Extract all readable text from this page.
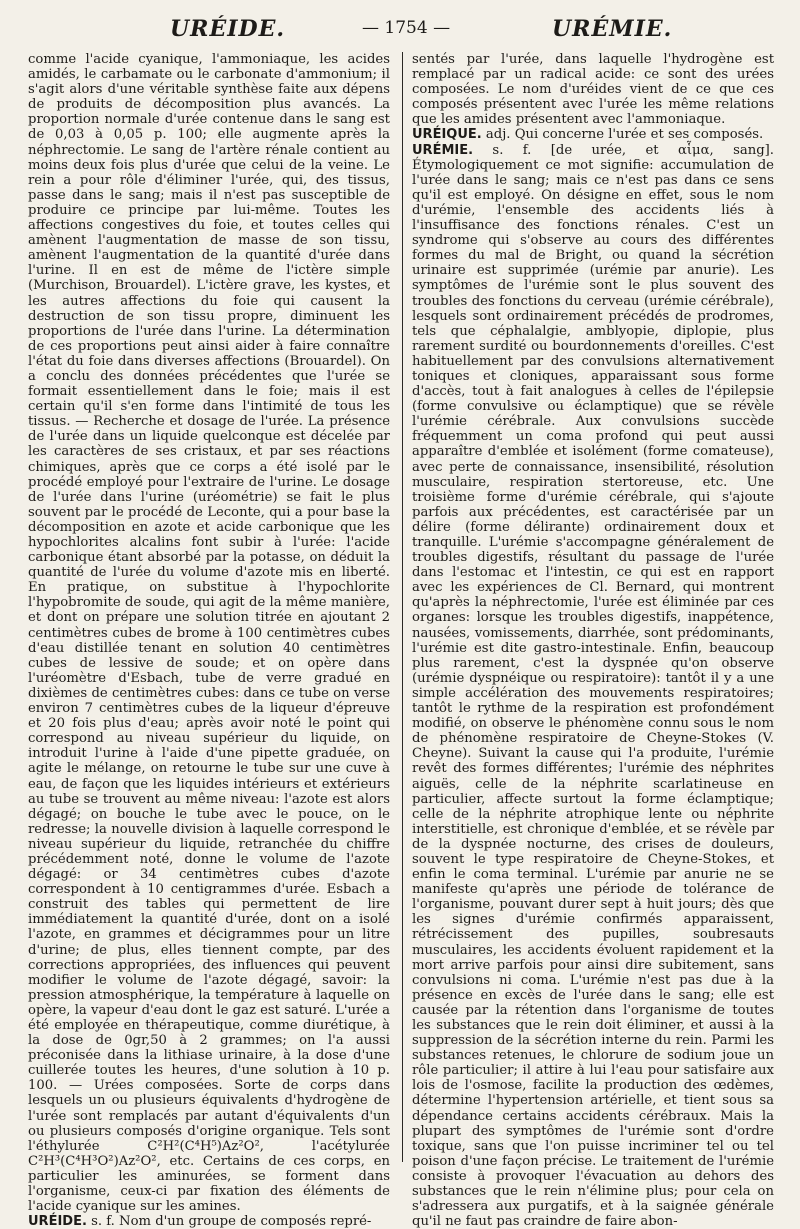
URÉIDE.	— 1754 —	URÉMIE.

comme l'acide cyanique, l'ammoniaque, les acides amidés, le carbamate ou le carbonate d'ammonium; il s'agit alors d'une véritable synthèse faite aux dépens de produits de décomposition plus avancés. La proportion normale d'urée contenue dans le sang est de 0,03 à 0,05 p. 100; elle augmente après la néphrectomie. Le sang de l'artère rénale contient au moins deux fois plus d'urée que celui de la veine. Le rein a pour rôle d'éliminer l'urée, qui, des tissus, passe dans le sang; mais il n'est pas susceptible de produire ce principe par lui-même. Toutes les affections congestives du foie, et toutes celles qui amènent l'augmentation de masse de son tissu, amènent l'augmentation de la quantité d'urée dans l'urine. Il en est de même de l'ictère simple (Murchison, Brouardel). L'ictère grave, les kystes, et les autres affections du foie qui causent la destruction de son tissu propre, diminuent les proportions de l'urée dans l'urine. La détermination de ces proportions peut ainsi aider à faire connaître l'état du foie dans diverses affections (Brouardel). On a conclu des données précédentes que l'urée se formait essentiellement dans le foie; mais il est certain qu'il s'en forme dans l'intimité de tous les tissus. — Recherche et dosage de l'urée. La présence de l'urée dans un liquide quelconque est décelée par les caractères de ses cristaux, et par ses réactions chimiques, après que ce corps a été isolé par le procédé employé pour l'extraire de l'urine. Le dosage de l'urée dans l'urine (uréométrie) se fait le plus souvent par le procédé de Leconte, qui a pour base la décomposition en azote et acide carbonique que les hypochlorites alcalins font subir à l'urée: l'acide carbonique étant absorbé par la potasse, on déduit la quantité de l'urée du volume d'azote mis en liberté. En pratique, on substitue à l'hypochlorite l'hypobromite de soude, qui agit de la même manière, et dont on prépare une solution titrée en ajoutant 2 centimètres cubes de brome à 100 centimètres cubes d'eau distillée tenant en solution 40 centimètres cubes de lessive de soude; et on opère dans l'uréomètre d'Esbach, tube de verre gradué en dixièmes de centimètres cubes: dans ce tube on verse environ 7 centimètres cubes de la liqueur d'épreuve et 20 fois plus d'eau; après avoir noté le point qui correspond au niveau supérieur du liquide, on introduit l'urine à l'aide d'une pipette graduée, on agite le mélange, on retourne le tube sur une cuve à eau, de façon que les liquides intérieurs et extérieurs au tube se trouvent au même niveau: l'azote est alors dégagé; on bouche le tube avec le pouce, on le redresse; la nouvelle division à laquelle correspond le niveau supérieur du liquide, retranchée du chiffre précédemment noté, donne le volume de l'azote dégagé: or 34 centimètres cubes d'azote correspondent à 10 centigrammes d'urée. Esbach a construit des tables qui permettent de lire immédiatement la quantité d'urée, dont on a isolé l'azote, en grammes et décigrammes pour un litre d'urine; de plus, elles tiennent compte, par des corrections appropriées, des influences qui peuvent modifier le volume de l'azote dégagé, savoir: la pression atmosphérique, la température à laquelle on opère, la vapeur d'eau dont le gaz est saturé. L'urée a été employée en thérapeutique, comme diurétique, à la dose de 0gr,50 à 2 grammes; on l'a aussi préconisée dans la lithiase urinaire, à la dose d'une cuillerée toutes les heures, d'une solution à 10 p. 100. — Urées composées. Sorte de corps dans lesquels un ou plusieurs équivalents d'hydrogène de l'urée sont remplacés par autant d'équivalents d'un ou plusieurs composés d'origine organique. Tels sont l'éthylurée C²H²(C⁴H⁵)Az²O², l'acétylurée C²H³(C⁴H³O²)Az²O², etc. Certains de ces corps, en particulier les aminurées, se forment dans l'organisme, ceux-ci par fixation des éléments de l'acide cyanique sur les amines.

URÉIDE. s. f. Nom d'un groupe de composés repré-

sentés par l'urée, dans laquelle l'hydrogène est remplacé par un radical acide: ce sont des urées composées. Le nom d'uréides vient de ce que ces composés présentent avec l'urée les même relations que les amides présentent avec l'ammoniaque.

URÉIQUE. adj. Qui concerne l'urée et ses composés.

URÉMIE. s. f. [de urée, et αἷμα, sang]. Étymologiquement ce mot signifie: accumulation de l'urée dans le sang; mais ce n'est pas dans ce sens qu'il est employé. On désigne en effet, sous le nom d'urémie, l'ensemble des accidents liés à l'insuffisance des fonctions rénales. C'est un syndrome qui s'observe au cours des différentes formes du mal de Bright, ou quand la sécrétion urinaire est supprimée (urémie par anurie). Les symptômes de l'urémie sont le plus souvent des troubles des fonctions du cerveau (urémie cérébrale), lesquels sont ordinairement précédés de prodromes, tels que céphalalgie, amblyopie, diplopie, plus rarement surdité ou bourdonnements d'oreilles. C'est habituellement par des convulsions alternativement toniques et cloniques, apparaissant sous forme d'accès, tout à fait analogues à celles de l'épilepsie (forme convulsive ou éclamptique) que se révèle l'urémie cérébrale. Aux convulsions succède fréquemment un coma profond qui peut aussi apparaître d'emblée et isolément (forme comateuse), avec perte de connaissance, insensibilité, résolution musculaire, respiration stertoreuse, etc. Une troisième forme d'urémie cérébrale, qui s'ajoute parfois aux précédentes, est caractérisée par un délire (forme délirante) ordinairement doux et tranquille. L'urémie s'accompagne généralement de troubles digestifs, résultant du passage de l'urée dans l'estomac et l'intestin, ce qui est en rapport avec les expériences de Cl. Bernard, qui montrent qu'après la néphrectomie, l'urée est éliminée par ces organes: lorsque les troubles digestifs, inappétence, nausées, vomissements, diarrhée, sont prédominants, l'urémie est dite gastro-intestinale. Enfin, beaucoup plus rarement, c'est la dyspnée qu'on observe (urémie dyspnéique ou respiratoire): tantôt il y a une simple accélération des mouvements respiratoires; tantôt le rythme de la respiration est profondément modifié, on observe le phénomène connu sous le nom de phénomène respiratoire de Cheyne-Stokes (V. Cheyne). Suivant la cause qui l'a produite, l'urémie revêt des formes différentes; l'urémie des néphrites aiguës, celle de la néphrite scarlatineuse en particulier, affecte surtout la forme éclamptique; celle de la néphrite atrophique lente ou néphrite interstitielle, est chronique d'emblée, et se révèle par de la dyspnée nocturne, des crises de douleurs, souvent le type respiratoire de Cheyne-Stokes, et enfin le coma terminal. L'urémie par anurie ne se manifeste qu'après une période de tolérance de l'organisme, pouvant durer sept à huit jours; dès que les signes d'urémie confirmés apparaissent, rétrécissement des pupilles, soubresauts musculaires, les accidents évoluent rapidement et la mort arrive parfois pour ainsi dire subitement, sans convulsions ni coma. L'urémie n'est pas due à la présence en excès de l'urée dans le sang; elle est causée par la rétention dans l'organisme de toutes les substances que le rein doit éliminer, et aussi à la suppression de la sécrétion interne du rein. Parmi les substances retenues, le chlorure de sodium joue un rôle particulier; il attire à lui l'eau pour satisfaire aux lois de l'osmose, facilite la production des œdèmes, détermine l'hypertension artérielle, et tient sous sa dépendance certains accidents cérébraux. Mais la plupart des symptômes de l'urémie sont d'ordre toxique, sans que l'on puisse incriminer tel ou tel poison d'une façon précise. Le traitement de l'urémie consiste à provoquer l'évacuation au dehors des substances que le rein n'élimine plus; pour cela on s'adressera aux purgatifs, et à la saignée générale qu'il ne faut pas craindre de faire abon-
